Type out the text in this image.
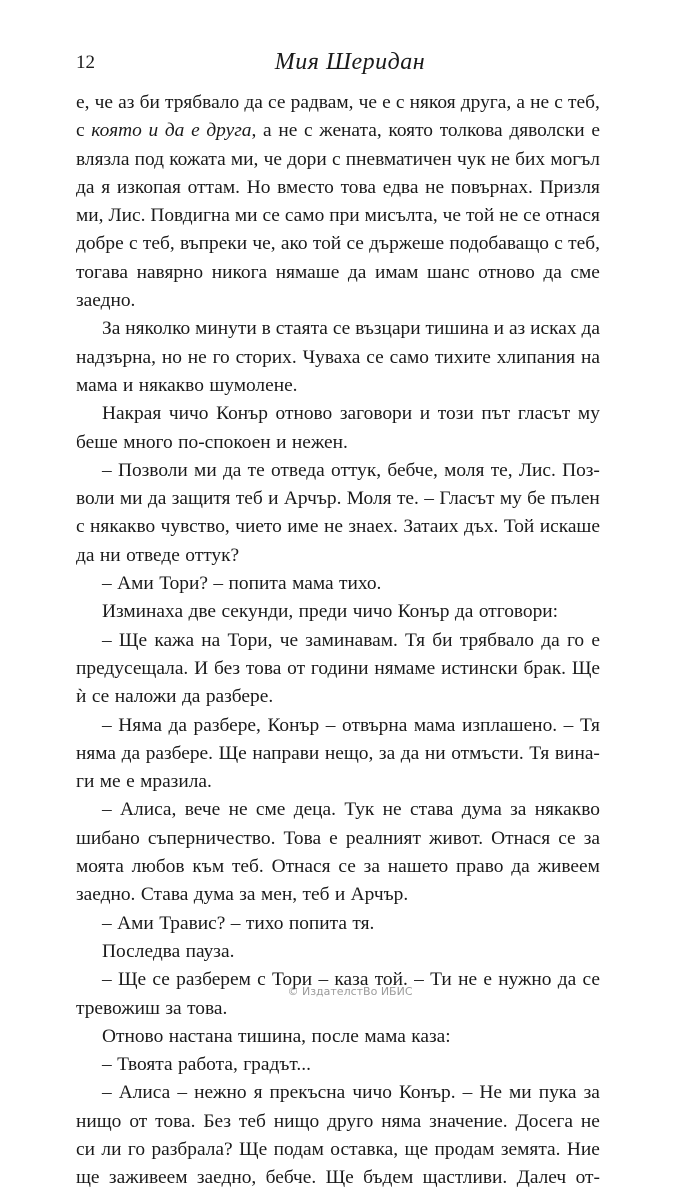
12	Мия Шеридан
е, че аз би трябвало да се радвам, че е с някоя друга, а не с теб,
с която и да е друга, а не с жената, която толкова дяволски е
влязла под кожата ми, че дори с пневматичен чук не бих могъл
да я изкопая оттам. Но вместо това едва не повърнах. Призля
ми, Лис. Повдигна ми се само при мисълта, че той не се отнася
добре с теб, въпреки че, ако той се държеше подобаващо с теб,
тогава навярно никога нямаше да имам шанс отново да сме
заедно.
За няколко минути в стаята се възцари тишина и аз исках да
надзърна, но не го сторих. Чуваха се само тихите хлипания на
мама и някакво шумолене.
Накрая чичо Конър отново заговори и този път гласът му
беше много по-спокоен и нежен.
– Позволи ми да те отведа оттук, бебче, моля те, Лис. Поз-
воли ми да защитя теб и Арчър. Моля те. – Гласът му бе пълен
с някакво чувство, чието име не знаех. Затаих дъх. Той искаше
да ни отведе оттук?
– Ами Тори? – попита мама тихо.
Изминаха две секунди, преди чичо Конър да отговори:
– Ще кажа на Тори, че заминавам. Тя би трябвало да го е
предусещала. И без това от години нямаме истински брак. Ще
ѝ се наложи да разбере.
– Няма да разбере, Конър – отвърна мама изплашено. – Тя
няма да разбере. Ще направи нещо, за да ни отмъсти. Тя вина-
ги ме е мразила.
– Алиса, вече не сме деца. Тук не става дума за някакво
шибано съперничество. Това е реалният живот. Отнася се за
моята любов към теб. Отнася се за нашето право да живеем
заедно. Става дума за мен, теб и Арчър.
– Ами Травис? – тихо попита тя.
Последва пауза.
– Ще се разберем с Тори – каза той. – Ти не е нужно да се
тревожиш за това.
Отново настана тишина, после мама каза:
– Твоята работа, градът...
– Алиса – нежно я прекъсна чичо Конър. – Не ми пука за
нищо от това. Без теб нищо друго няма значение. Досега не
си ли го разбрала? Ще подам оставка, ще продам земята. Ние
ще заживеем заедно, бебче. Ще бъдем щастливи. Далеч от-
© ИздателстВо ИБИС
